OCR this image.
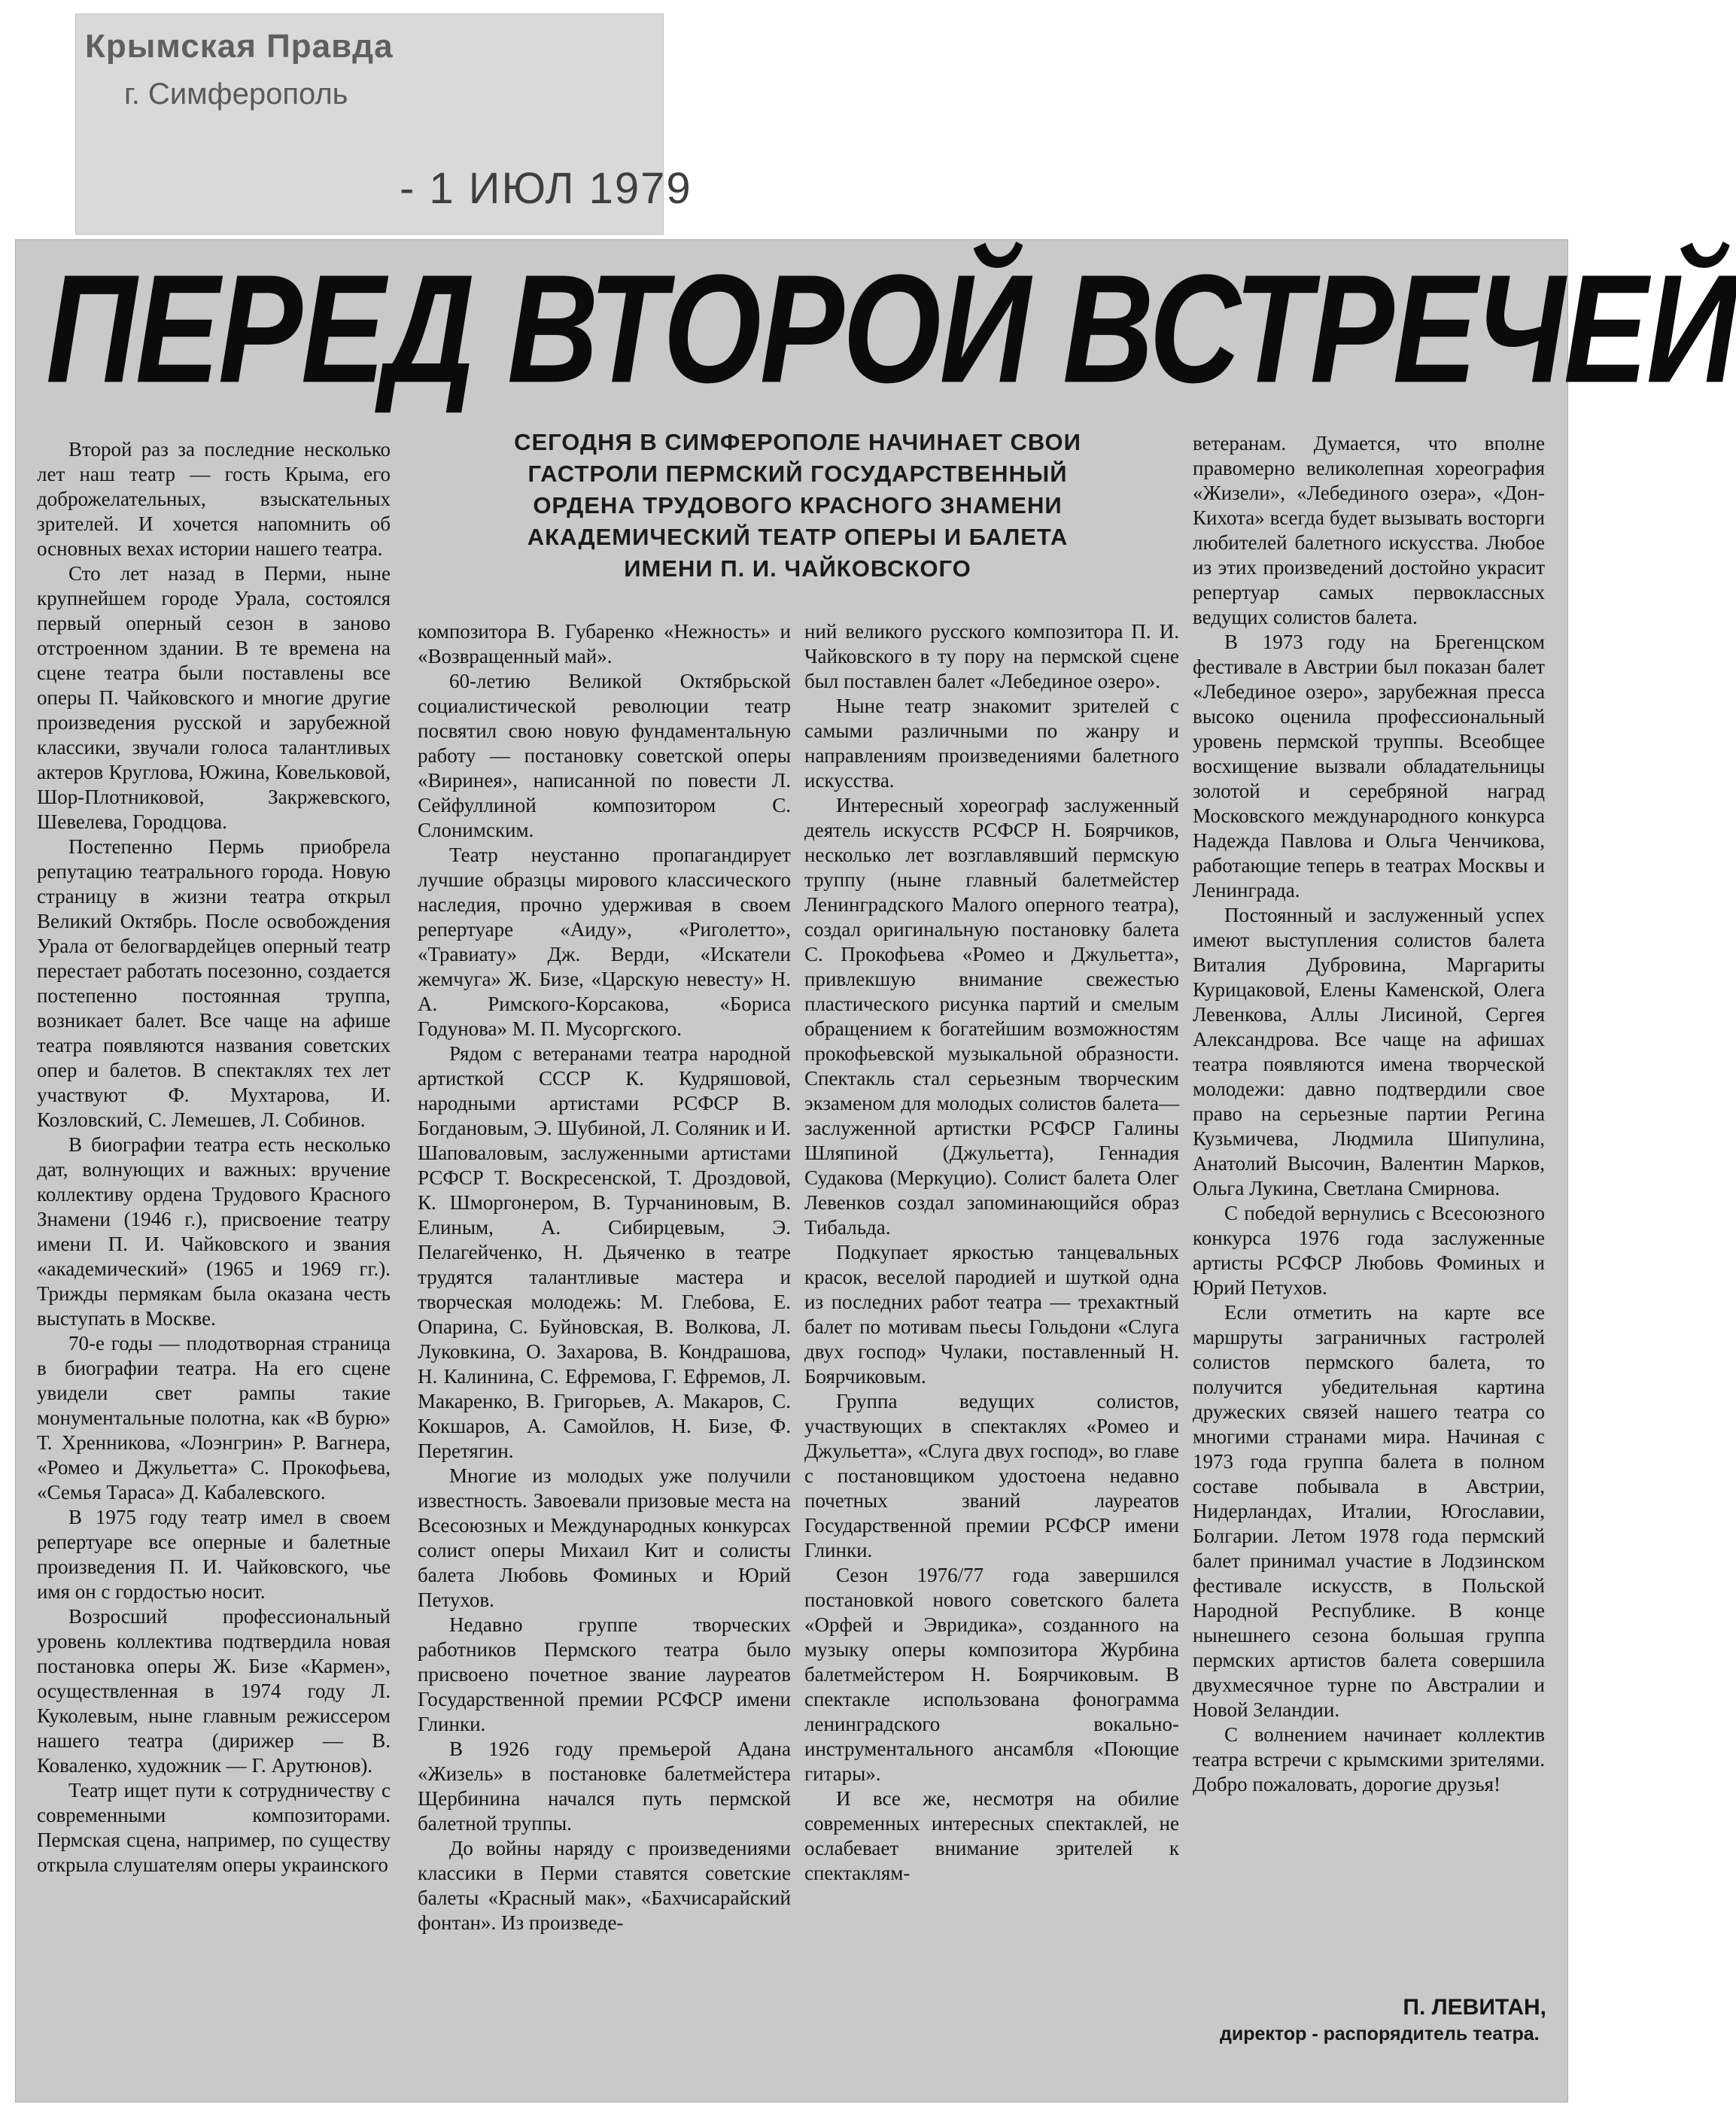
Крымская Правда
г. Симферополь
- 1 ИЮЛ 1979
ПЕРЕД ВТОРОЙ ВСТРЕЧЕЙ

Второй раз за последние несколько лет наш театр — гость Крыма, его доброжелательных, взыскательных зрителей. И хочется напомнить об основных вехах истории нашего театра.

Сто лет назад в Перми, ныне крупнейшем городе Урала, состоялся первый оперный сезон в заново отстроенном здании. В те времена на сцене театра были поставлены все оперы П. Чайковского и многие другие произведения русской и зарубежной классики, звучали голоса талантливых актеров Круглова, Южина, Ковельковой, Шор-Плотниковой, Закржевского, Шевелева, Городцова.

Постепенно Пермь приобрела репутацию театрального города. Новую страницу в жизни театра открыл Великий Октябрь. После освобождения Урала от белогвардейцев оперный театр перестает работать посезонно, создается постепенно постоянная труппа, возникает балет. Все чаще на афише театра появляются названия советских опер и балетов. В спектаклях тех лет участвуют Ф. Мухтарова, И. Козловский, С. Лемешев, Л. Собинов.

В биографии театра есть несколько дат, волнующих и важных: вручение коллективу ордена Трудового Красного Знамени (1946 г.), присвоение театру имени П. И. Чайковского и звания «академический» (1965 и 1969 гг.). Трижды пермякам была оказана честь выступать в Москве.

70-е годы — плодотворная страница в биографии театра. На его сцене увидели свет рампы такие монументальные полотна, как «В бурю» Т. Хренникова, «Лоэнгрин» Р. Вагнера, «Ромео и Джульетта» С. Прокофьева, «Семья Тараса» Д. Кабалевского.

В 1975 году театр имел в своем репертуаре все оперные и балетные произведения П. И. Чайковского, чье имя он с гордостью носит.

Возросший профессиональный уровень коллектива подтвердила новая постановка оперы Ж. Бизе «Кармен», осуществленная в 1974 году Л. Куколевым, ныне главным режиссером нашего театра (дирижер — В. Коваленко, художник — Г. Арутюнов).

Театр ищет пути к сотрудничеству с современными композиторами. Пермская сцена, например, по существу открыла слушателям оперы украинского

СЕГОДНЯ В СИМФЕРОПОЛЕ НАЧИНАЕТ СВОИ
ГАСТРОЛИ ПЕРМСКИЙ ГОСУДАРСТВЕННЫЙ
ОРДЕНА ТРУДОВОГО КРАСНОГО ЗНАМЕНИ
АКАДЕМИЧЕСКИЙ ТЕАТР ОПЕРЫ И БАЛЕТА
ИМЕНИ П. И. ЧАЙКОВСКОГО

композитора В. Губаренко «Нежность» и «Возвращенный май».

60-летию Великой Октябрьской социалистической революции театр посвятил свою новую фундаментальную работу — постановку советской оперы «Виринея», написанной по повести Л. Сейфуллиной композитором С. Слонимским.

Театр неустанно пропагандирует лучшие образцы мирового классического наследия, прочно удерживая в своем репертуаре «Аиду», «Риголетто», «Травиату» Дж. Верди, «Искатели жемчуга» Ж. Бизе, «Царскую невесту» Н. А. Римского-Корсакова, «Бориса Годунова» М. П. Мусоргского.

Рядом с ветеранами театра народной артисткой СССР К. Кудряшовой, народными артистами РСФСР В. Богдановым, Э. Шубиной, Л. Соляник и И. Шаповаловым, заслуженными артистами РСФСР Т. Воскресенской, Т. Дроздовой, К. Шморгонером, В. Турчаниновым, В. Елиным, А. Сибирцевым, Э. Пелагейченко, Н. Дьяченко в театре трудятся талантливые мастера и творческая молодежь: М. Глебова, Е. Опарина, С. Буйновская, В. Волкова, Л. Луковкина, О. Захарова, В. Кондрашова, Н. Калинина, С. Ефремова, Г. Ефремов, Л. Макаренко, В. Григорьев, А. Макаров, С. Кокшаров, А. Самойлов, Н. Бизе, Ф. Перетягин.

Многие из молодых уже получили известность. Завоевали призовые места на Всесоюзных и Международных конкурсах солист оперы Михаил Кит и солисты балета Любовь Фоминых и Юрий Петухов.

Недавно группе творческих работников Пермского театра было присвоено почетное звание лауреатов Государственной премии РСФСР имени Глинки.

В 1926 году премьерой Адана «Жизель» в постановке балетмейстера Щербинина начался путь пермской балетной труппы.

До войны наряду с произведениями классики в Перми ставятся советские балеты «Красный мак», «Бахчисарайский фонтан». Из произведе-

ний великого русского композитора П. И. Чайковского в ту пору на пермской сцене был поставлен балет «Лебединое озеро».

Ныне театр знакомит зрителей с самыми различными по жанру и направлениям произведениями балетного искусства.

Интересный хореограф заслуженный деятель искусств РСФСР Н. Боярчиков, несколько лет возглавлявший пермскую труппу (ныне главный балетмейстер Ленинградского Малого оперного театра), создал оригинальную постановку балета С. Прокофьева «Ромео и Джульетта», привлекшую внимание свежестью пластического рисунка партий и смелым обращением к богатейшим возможностям прокофьевской музыкальной образности. Спектакль стал серьезным творческим экзаменом для молодых солистов балета—заслуженной артистки РСФСР Галины Шляпиной (Джульетта), Геннадия Судакова (Меркуцио). Солист балета Олег Левенков создал запоминающийся образ Тибальда.

Подкупает яркостью танцевальных красок, веселой пародией и шуткой одна из последних работ театра — трехактный балет по мотивам пьесы Гольдони «Слуга двух господ» Чулаки, поставленный Н. Боярчиковым.

Группа ведущих солистов, участвующих в спектаклях «Ромео и Джульетта», «Слуга двух господ», во главе с постановщиком удостоена недавно почетных званий лауреатов Государственной премии РСФСР имени Глинки.

Сезон 1976/77 года завершился постановкой нового советского балета «Орфей и Эвридика», созданного на музыку оперы композитора Журбина балетмейстером Н. Боярчиковым. В спектакле использована фонограмма ленинградского вокально-инструментального ансамбля «Поющие гитары».

И все же, несмотря на обилие современных интересных спектаклей, не ослабевает внимание зрителей к спектаклям-

ветеранам. Думается, что вполне правомерно великолепная хореография «Жизели», «Лебединого озера», «Дон-Кихота» всегда будет вызывать восторги любителей балетного искусства. Любое из этих произведений достойно украсит репертуар самых первоклассных ведущих солистов балета.

В 1973 году на Брегенцском фестивале в Австрии был показан балет «Лебединое озеро», зарубежная пресса высоко оценила профессиональный уровень пермской труппы. Всеобщее восхищение вызвали обладательницы золотой и серебряной наград Московского международного конкурса Надежда Павлова и Ольга Ченчикова, работающие теперь в театрах Москвы и Ленинграда.

Постоянный и заслуженный успех имеют выступления солистов балета Виталия Дубровина, Маргариты Курицаковой, Елены Каменской, Олега Левенкова, Аллы Лисиной, Сергея Александрова. Все чаще на афишах театра появляются имена творческой молодежи: давно подтвердили свое право на серьезные партии Регина Кузьмичева, Людмила Шипулина, Анатолий Высочин, Валентин Марков, Ольга Лукина, Светлана Смирнова.

С победой вернулись с Всесоюзного конкурса 1976 года заслуженные артисты РСФСР Любовь Фоминых и Юрий Петухов.

Если отметить на карте все маршруты заграничных гастролей солистов пермского балета, то получится убедительная картина дружеских связей нашего театра со многими странами мира. Начиная с 1973 года группа балета в полном составе побывала в Австрии, Нидерландах, Италии, Югославии, Болгарии. Летом 1978 года пермский балет принимал участие в Лодзинском фестивале искусств, в Польской Народной Республике. В конце нынешнего сезона большая группа пермских артистов балета совершила двухмесячное турне по Австралии и Новой Зеландии.

С волнением начинает коллектив театра встречи с крымскими зрителями. Добро пожаловать, дорогие друзья!

П. ЛЕВИТАН,
директор - распорядитель театра.
